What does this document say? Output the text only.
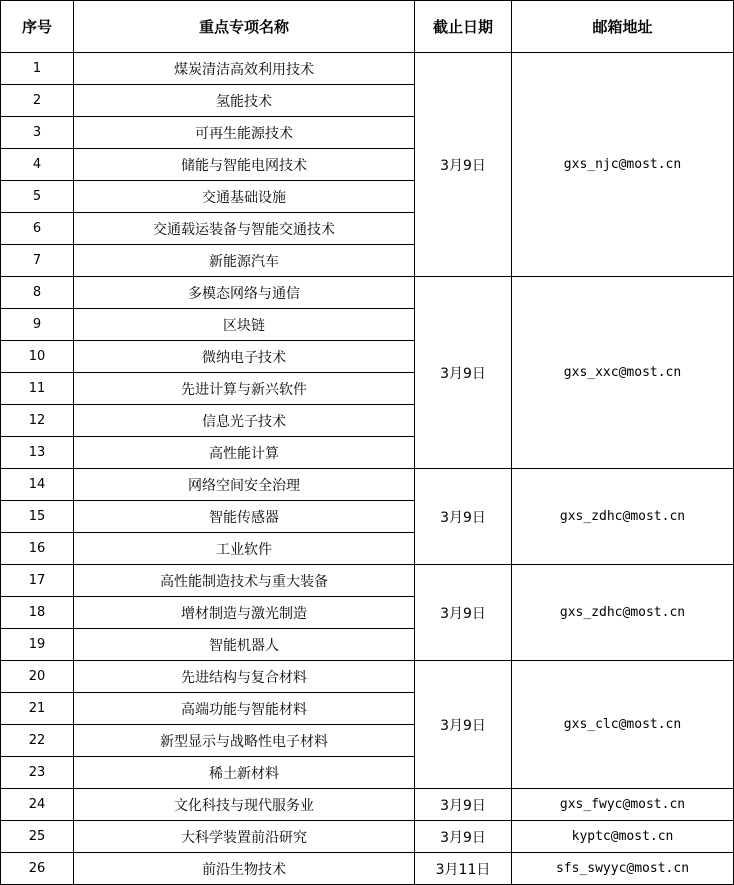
序号	重点专项名称	截止日期	邮箱地址
1	煤炭清洁高效利用技术	3月9日	gxs_njc@most.cn
2	氢能技术		
3	可再生能源技术		
4	储能与智能电网技术		
5	交通基础设施		
6	交通载运装备与智能交通技术		
7	新能源汽车		
8	多模态网络与通信	3月9日	gxs_xxc@most.cn
9	区块链		
10	微纳电子技术		
11	先进计算与新兴软件		
12	信息光子技术		
13	高性能计算		
14	网络空间安全治理	3月9日	gxs_zdhc@most.cn
15	智能传感器		
16	工业软件		
17	高性能制造技术与重大装备	3月9日	gxs_zdhc@most.cn
18	增材制造与激光制造		
19	智能机器人		
20	先进结构与复合材料	3月9日	gxs_clc@most.cn
21	高端功能与智能材料		
22	新型显示与战略性电子材料		
23	稀土新材料		
24	文化科技与现代服务业	3月9日	gxs_fwyc@most.cn
25	大科学装置前沿研究	3月9日	kyptc@most.cn
26	前沿生物技术	3月11日	sfs_swyyc@most.cn
